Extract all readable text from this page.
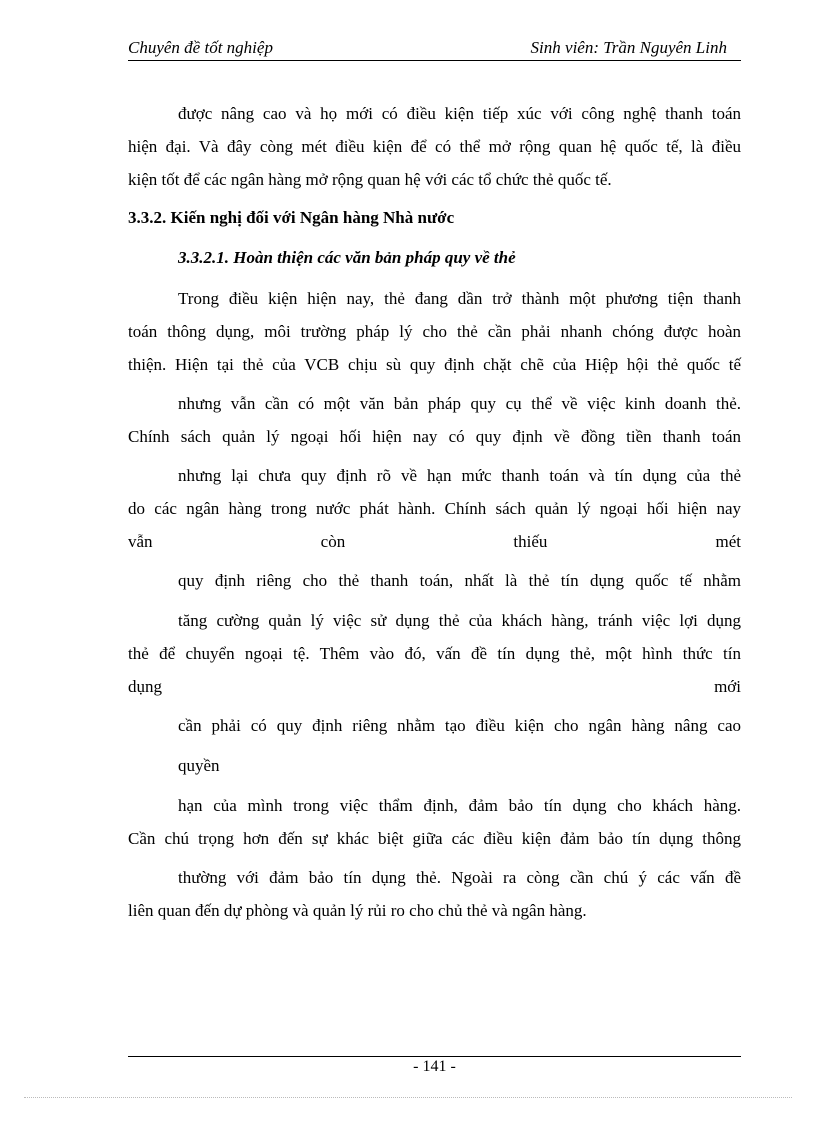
Chuyên đề tốt nghiệp	Sinh viên: Trần Nguyên Linh
được nâng cao và họ mới có điều kiện tiếp xúc với công nghệ thanh toán
hiện đại. Và đây còng mét điều kiện để có thể mở rộng quan hệ quốc tế, là điều
kiện tốt để các ngân hàng mở rộng quan hệ với các tổ chức thẻ quốc tế.
3.3.2. Kiến nghị đối với Ngân hàng Nhà nước
3.3.2.1. Hoàn thiện các văn bản pháp quy về thẻ
Trong điều kiện hiện nay, thẻ đang dần trở thành một phương tiện thanh
toán thông dụng, môi trường pháp lý cho thẻ cần phải nhanh chóng được hoàn
thiện. Hiện tại thẻ của VCB chịu sù quy định chặt chẽ của Hiệp hội thẻ quốc tế
nhưng vẫn cần có một văn bản pháp quy cụ thể về việc kinh doanh thẻ.
Chính sách quản lý ngoại hối hiện nay có quy định về đồng tiền thanh toán
nhưng lại chưa quy định rõ về hạn mức thanh toán và tín dụng của thẻ
do các ngân hàng trong nước phát hành. Chính sách quản lý ngoại hối hiện nay
vẫn còn thiếu mét
quy định riêng cho thẻ thanh toán, nhất là thẻ tín dụng quốc tế nhằm
tăng cường quản lý việc sử dụng thẻ của khách hàng, tránh việc lợi dụng
thẻ để chuyển ngoại tệ. Thêm vào đó, vấn đề tín dụng thẻ, một hình thức tín
dụng mới
cần phải có quy định riêng nhằm tạo điều kiện cho ngân hàng nâng cao
quyền
hạn của mình trong việc thẩm định, đảm bảo tín dụng cho khách hàng.
Cần chú trọng hơn đến sự khác biệt giữa các điều kiện đảm bảo tín dụng thông
thường với đảm bảo tín dụng thẻ. Ngoài ra còng cần chú ý các vấn đề
liên quan đến dự phòng và quản lý rủi ro cho chủ thẻ và ngân hàng.
- 141 -
